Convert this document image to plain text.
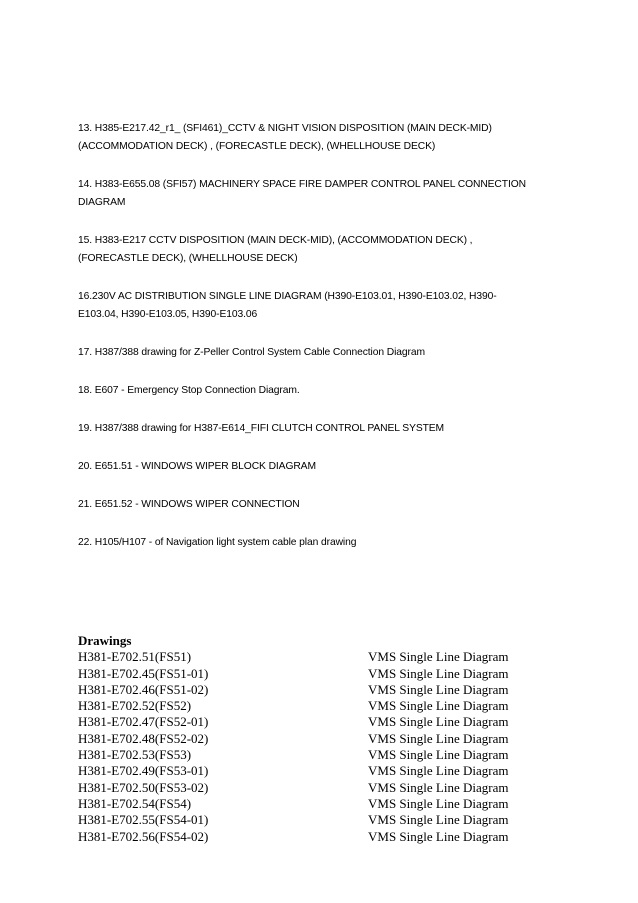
13. H385-E217.42_r1_ (SFI461)_CCTV & NIGHT VISION DISPOSITION (MAIN DECK-MID)
(ACCOMMODATION DECK) , (FORECASTLE DECK), (WHELLHOUSE DECK)
14. H383-E655.08 (SFI57) MACHINERY SPACE FIRE DAMPER CONTROL PANEL CONNECTION
DIAGRAM
15. H383-E217 CCTV DISPOSITION (MAIN DECK-MID), (ACCOMMODATION DECK) ,
(FORECASTLE DECK), (WHELLHOUSE DECK)
16.230V AC DISTRIBUTION SINGLE LINE DIAGRAM (H390-E103.01, H390-E103.02, H390-
E103.04, H390-E103.05, H390-E103.06
17. H387/388 drawing for Z-Peller Control System Cable Connection Diagram
18. E607 - Emergency Stop Connection Diagram.
19. H387/388 drawing for H387-E614_FIFI CLUTCH CONTROL PANEL SYSTEM
20. E651.51 - WINDOWS WIPER BLOCK DIAGRAM
21. E651.52 - WINDOWS WIPER CONNECTION
22. H105/H107 - of Navigation light system cable plan drawing
Drawings
H381-E702.51(FS51)	VMS Single Line Diagram
H381-E702.45(FS51-01)	VMS Single Line Diagram
H381-E702.46(FS51-02)	VMS Single Line Diagram
H381-E702.52(FS52)	VMS Single Line Diagram
H381-E702.47(FS52-01)	VMS Single Line Diagram
H381-E702.48(FS52-02)	VMS Single Line Diagram
H381-E702.53(FS53)	VMS Single Line Diagram
H381-E702.49(FS53-01)	VMS Single Line Diagram
H381-E702.50(FS53-02)	VMS Single Line Diagram
H381-E702.54(FS54)	VMS Single Line Diagram
H381-E702.55(FS54-01)	VMS Single Line Diagram
H381-E702.56(FS54-02)	VMS Single Line Diagram
